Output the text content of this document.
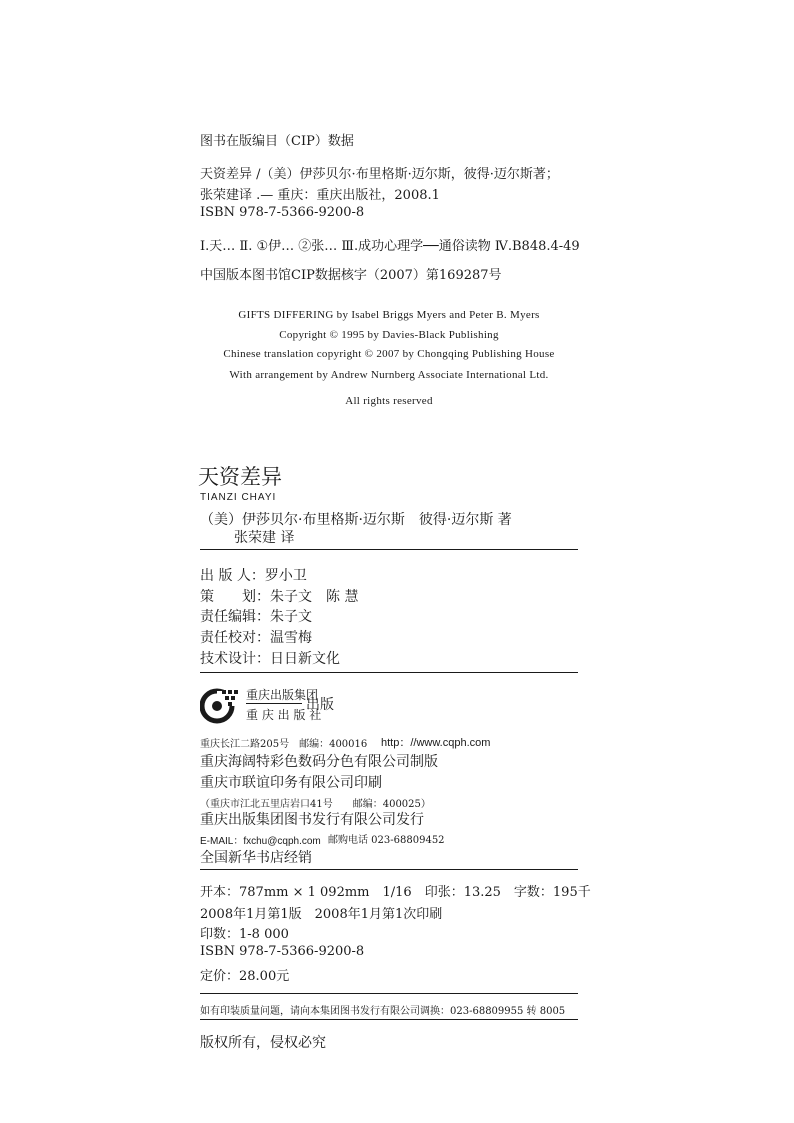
图书在版编目（CIP）数据
天资差异 /（美）伊莎贝尔·布里格斯·迈尔斯，彼得·迈尔斯著；
张荣建译 .— 重庆：重庆出版社，2008.1
ISBN 978-7-5366-9200-8
Ⅰ.天… Ⅱ. ①伊… ②张… Ⅲ.成功心理学──通俗读物 Ⅳ.B848.4-49
中国版本图书馆CIP数据核字（2007）第169287号
GIFTS DIFFERING by Isabel Briggs Myers and Peter B. Myers
Copyright © 1995 by Davies-Black Publishing
Chinese translation copyright © 2007 by Chongqing Publishing House
With arrangement by Andrew Nurnberg Associate International Ltd.
All rights reserved
天资差异
TIANZI CHAYI
（美）伊莎贝尔·布里格斯·迈尔斯　彼得·迈尔斯 著
张荣建 译
出 版 人：罗小卫
策　　划：朱子文　陈 慧
责任编辑：朱子文
责任校对：温雪梅
技术设计：日日新文化
重庆出版集团
重 庆 出 版 社
出版
重庆长江二路205号　邮编：400016 http：//www.cqph.com
重庆海阔特彩色数码分色有限公司制版
重庆市联谊印务有限公司印刷
（重庆市江北五里店岩口41号　　邮编：400025）
重庆出版集团图书发行有限公司发行
E-MAIL：fxchu@cqph.com 邮购电话 023-68809452
全国新华书店经销
开本：787mm × 1 092mm　1/16　印张：13.25　字数：195千
2008年1月第1版　2008年1月第1次印刷
印数：1-8 000
ISBN 978-7-5366-9200-8
定价：28.00元
如有印装质量问题，请向本集团图书发行有限公司调换：023-68809955 转 8005
版权所有，侵权必究
